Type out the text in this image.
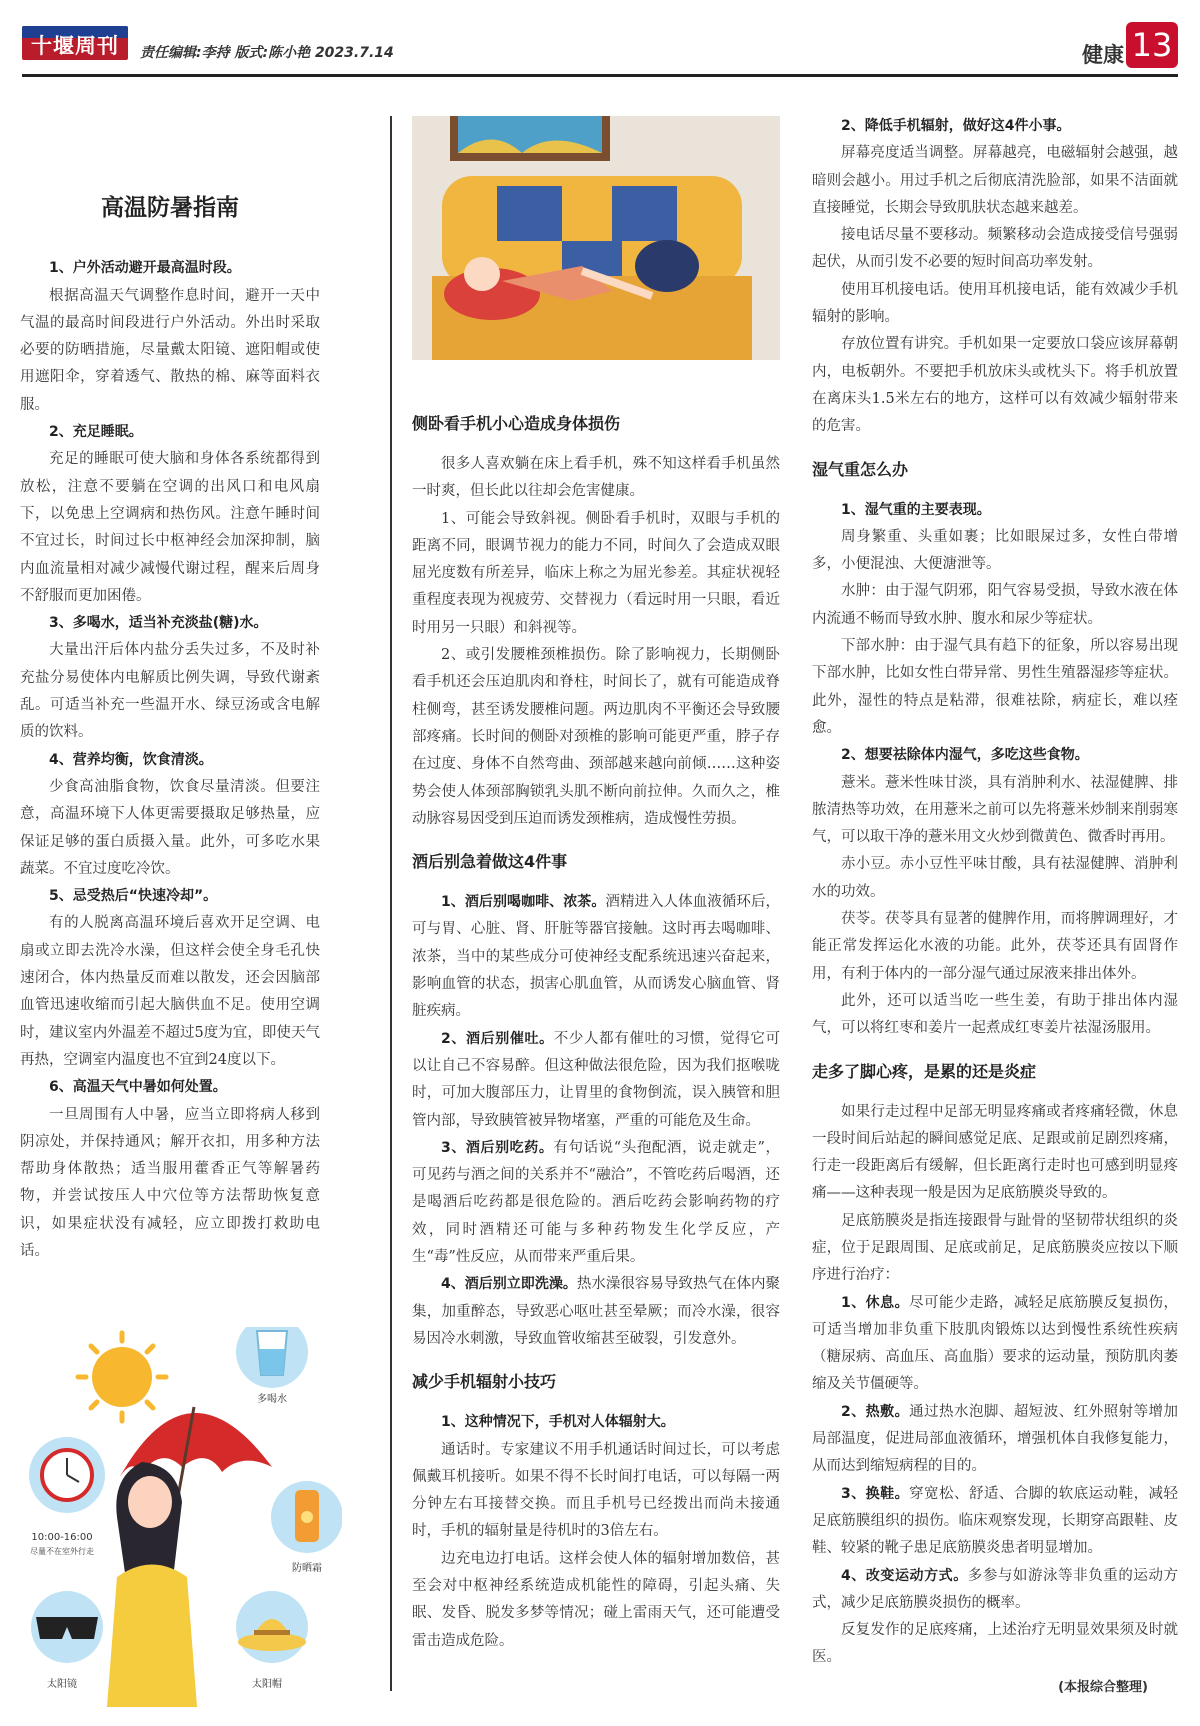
十堰周刊	责任编辑:李持 版式:陈小艳 2023.7.14	健康 13
高温防暑指南

1、户外活动避开最高温时段。

根据高温天气调整作息时间，避开一天中气温的最高时间段进行户外活动。外出时采取必要的防晒措施，尽量戴太阳镜、遮阳帽或使用遮阳伞，穿着透气、散热的棉、麻等面料衣服。

2、充足睡眠。

充足的睡眠可使大脑和身体各系统都得到放松，注意不要躺在空调的出风口和电风扇下，以免患上空调病和热伤风。注意午睡时间不宜过长，时间过长中枢神经会加深抑制，脑内血流量相对减少减慢代谢过程，醒来后周身不舒服而更加困倦。

3、多喝水，适当补充淡盐(糖)水。

大量出汗后体内盐分丢失过多，不及时补充盐分易使体内电解质比例失调，导致代谢紊乱。可适当补充一些温开水、绿豆汤或含电解质的饮料。

4、营养均衡，饮食清淡。

少食高油脂食物，饮食尽量清淡。但要注意，高温环境下人体更需要摄取足够热量，应保证足够的蛋白质摄入量。此外，可多吃水果蔬菜。不宜过度吃冷饮。

5、忌受热后“快速冷却”。

有的人脱离高温环境后喜欢开足空调、电扇或立即去洗冷水澡，但这样会使全身毛孔快速闭合，体内热量反而难以散发，还会因脑部血管迅速收缩而引起大脑供血不足。使用空调时，建议室内外温差不超过5度为宜，即使天气再热，空调室内温度也不宜到24度以下。

6、高温天气中暑如何处置。

一旦周围有人中暑，应当立即将病人移到阴凉处，并保持通风；解开衣扣，用多种方法帮助身体散热；适当服用藿香正气等解暑药物，并尝试按压人中穴位等方法帮助恢复意识，如果症状没有减轻，应立即拨打救助电话。

多喝水
10:00-16:00
尽量不在室外行走
防晒霜
太阳镜	太阳帽
侧卧看手机小心造成身体损伤

很多人喜欢躺在床上看手机，殊不知这样看手机虽然一时爽，但长此以往却会危害健康。

1、可能会导致斜视。侧卧看手机时，双眼与手机的距离不同，眼调节视力的能力不同，时间久了会造成双眼屈光度数有所差异，临床上称之为屈光参差。其症状视轻重程度表现为视疲劳、交替视力（看远时用一只眼，看近时用另一只眼）和斜视等。

2、或引发腰椎颈椎损伤。除了影响视力，长期侧卧看手机还会压迫肌肉和脊柱，时间长了，就有可能造成脊柱侧弯，甚至诱发腰椎问题。两边肌肉不平衡还会导致腰部疼痛。长时间的侧卧对颈椎的影响可能更严重，脖子存在过度、身体不自然弯曲、颈部越来越向前倾……这种姿势会使人体颈部胸锁乳头肌不断向前拉伸。久而久之，椎动脉容易因受到压迫而诱发颈椎病，造成慢性劳损。

酒后别急着做这4件事

1、酒后别喝咖啡、浓茶。酒精进入人体血液循环后，可与胃、心脏、肾、肝脏等器官接触。这时再去喝咖啡、浓茶，当中的某些成分可使神经支配系统迅速兴奋起来，影响血管的状态，损害心肌血管，从而诱发心脑血管、肾脏疾病。

2、酒后别催吐。不少人都有催吐的习惯，觉得它可以让自己不容易醉。但这种做法很危险，因为我们抠喉咙时，可加大腹部压力，让胃里的食物倒流，误入胰管和胆管内部，导致胰管被异物堵塞，严重的可能危及生命。

3、酒后别吃药。有句话说“头孢配酒，说走就走”，可见药与酒之间的关系并不“融洽”，不管吃药后喝酒，还是喝酒后吃药都是很危险的。酒后吃药会影响药物的疗效，同时酒精还可能与多种药物发生化学反应，产生“毒”性反应，从而带来严重后果。

4、酒后别立即洗澡。热水澡很容易导致热气在体内聚集，加重醉态，导致恶心呕吐甚至晕厥；而冷水澡，很容易因冷水刺激，导致血管收缩甚至破裂，引发意外。

减少手机辐射小技巧

1、这种情况下，手机对人体辐射大。

通话时。专家建议不用手机通话时间过长，可以考虑佩戴耳机接听。如果不得不长时间打电话，可以每隔一两分钟左右耳接替交换。而且手机号已经拨出而尚未接通时，手机的辐射量是待机时的3倍左右。

边充电边打电话。这样会使人体的辐射增加数倍，甚至会对中枢神经系统造成机能性的障碍，引起头痛、失眠、发昏、脱发多梦等情况；碰上雷雨天气，还可能遭受雷击造成危险。

2、降低手机辐射，做好这4件小事。

屏幕亮度适当调整。屏幕越亮，电磁辐射会越强，越暗则会越小。用过手机之后彻底清洗脸部，如果不洁面就直接睡觉，长期会导致肌肤状态越来越差。

接电话尽量不要移动。频繁移动会造成接受信号强弱起伏，从而引发不必要的短时间高功率发射。

使用耳机接电话。使用耳机接电话，能有效减少手机辐射的影响。

存放位置有讲究。手机如果一定要放口袋应该屏幕朝内，电板朝外。不要把手机放床头或枕头下。将手机放置在离床头1.5米左右的地方，这样可以有效减少辐射带来的危害。

湿气重怎么办

1、湿气重的主要表现。

周身繁重、头重如裹；比如眼屎过多，女性白带增多，小便混浊、大便溏泄等。

水肿：由于湿气阴邪，阳气容易受损，导致水液在体内流通不畅而导致水肿、腹水和尿少等症状。

下部水肿：由于湿气具有趋下的征象，所以容易出现下部水肿，比如女性白带异常、男性生殖器湿疹等症状。此外，湿性的特点是粘滞，很难祛除，病症长，难以痊愈。

2、想要祛除体内湿气，多吃这些食物。

薏米。薏米性味甘淡，具有消肿利水、祛湿健脾、排脓清热等功效，在用薏米之前可以先将薏米炒制来削弱寒气，可以取干净的薏米用文火炒到微黄色、微香时再用。

赤小豆。赤小豆性平味甘酸，具有祛湿健脾、消肿利水的功效。

茯苓。茯苓具有显著的健脾作用，而将脾调理好，才能正常发挥运化水液的功能。此外，茯苓还具有固肾作用，有利于体内的一部分湿气通过尿液来排出体外。

此外，还可以适当吃一些生姜，有助于排出体内湿气，可以将红枣和姜片一起煮成红枣姜片祛湿汤服用。

走多了脚心疼，是累的还是炎症

如果行走过程中足部无明显疼痛或者疼痛轻微，休息一段时间后站起的瞬间感觉足底、足跟或前足剧烈疼痛，行走一段距离后有缓解，但长距离行走时也可感到明显疼痛——这种表现一般是因为足底筋膜炎导致的。

足底筋膜炎是指连接跟骨与趾骨的坚韧带状组织的炎症，位于足跟周围、足底或前足，足底筋膜炎应按以下顺序进行治疗：

1、休息。尽可能少走路，减轻足底筋膜反复损伤，可适当增加非负重下肢肌肉锻炼以达到慢性系统性疾病（糖尿病、高血压、高血脂）要求的运动量，预防肌肉萎缩及关节僵硬等。

2、热敷。通过热水泡脚、超短波、红外照射等增加局部温度，促进局部血液循环，增强机体自我修复能力，从而达到缩短病程的目的。

3、换鞋。穿宽松、舒适、合脚的软底运动鞋，减轻足底筋膜组织的损伤。临床观察发现，长期穿高跟鞋、皮鞋、较紧的靴子患足底筋膜炎患者明显增加。

4、改变运动方式。多参与如游泳等非负重的运动方式，减少足底筋膜炎损伤的概率。

反复发作的足底疼痛，上述治疗无明显效果须及时就医。

(本报综合整理)
